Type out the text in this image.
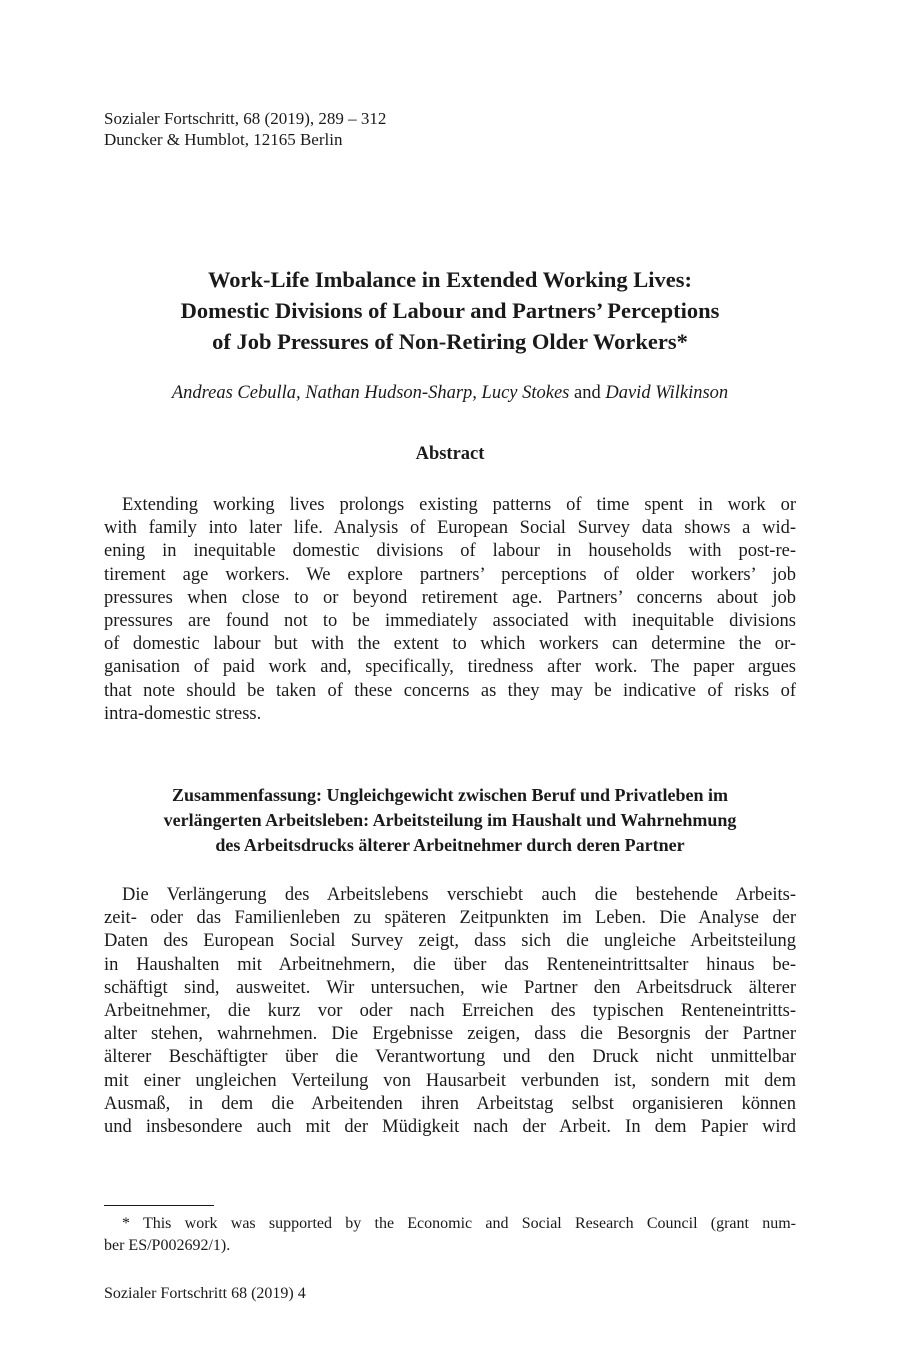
Sozialer Fortschritt, 68 (2019), 289 – 312
Duncker & Humblot, 12165 Berlin
Work-Life Imbalance in Extended Working Lives:
Domestic Divisions of Labour and Partners’ Perceptions
of Job Pressures of Non-Retiring Older Workers*
Andreas Cebulla, Nathan Hudson-Sharp, Lucy Stokes and David Wilkinson
Abstract
Extending working lives prolongs existing patterns of time spent in work or
with family into later life. Analysis of European Social Survey data shows a wid-
ening in inequitable domestic divisions of labour in households with post-re-
tirement age workers. We explore partners’ perceptions of older workers’ job
pressures when close to or beyond retirement age. Partners’ concerns about job
pressures are found not to be immediately associated with inequitable divisions
of domestic labour but with the extent to which workers can determine the or-
ganisation of paid work and, specifically, tiredness after work. The paper argues
that note should be taken of these concerns as they may be indicative of risks of
intra-domestic stress.
Zusammenfassung: Ungleichgewicht zwischen Beruf und Privatleben im
verlängerten Arbeitsleben: Arbeitsteilung im Haushalt und Wahrnehmung
des Arbeitsdrucks älterer Arbeitnehmer durch deren Partner
Die Verlängerung des Arbeitslebens verschiebt auch die bestehende Arbeits-
zeit- oder das Familienleben zu späteren Zeitpunkten im Leben. Die Analyse der
Daten des European Social Survey zeigt, dass sich die ungleiche Arbeitsteilung
in Haushalten mit Arbeitnehmern, die über das Renteneintrittsalter hinaus be-
schäftigt sind, ausweitet. Wir untersuchen, wie Partner den Arbeitsdruck älterer
Arbeitnehmer, die kurz vor oder nach Erreichen des typischen Renteneintritts-
alter stehen, wahrnehmen. Die Ergebnisse zeigen, dass die Besorgnis der Partner
älterer Beschäftigter über die Verantwortung und den Druck nicht unmittelbar
mit einer ungleichen Verteilung von Hausarbeit verbunden ist, sondern mit dem
Ausmaß, in dem die Arbeitenden ihren Arbeitstag selbst organisieren können
und insbesondere auch mit der Müdigkeit nach der Arbeit. In dem Papier wird
* This work was supported by the Economic and Social Research Council (grant num-
ber ES/P002692/1).
Sozialer Fortschritt 68 (2019) 4
